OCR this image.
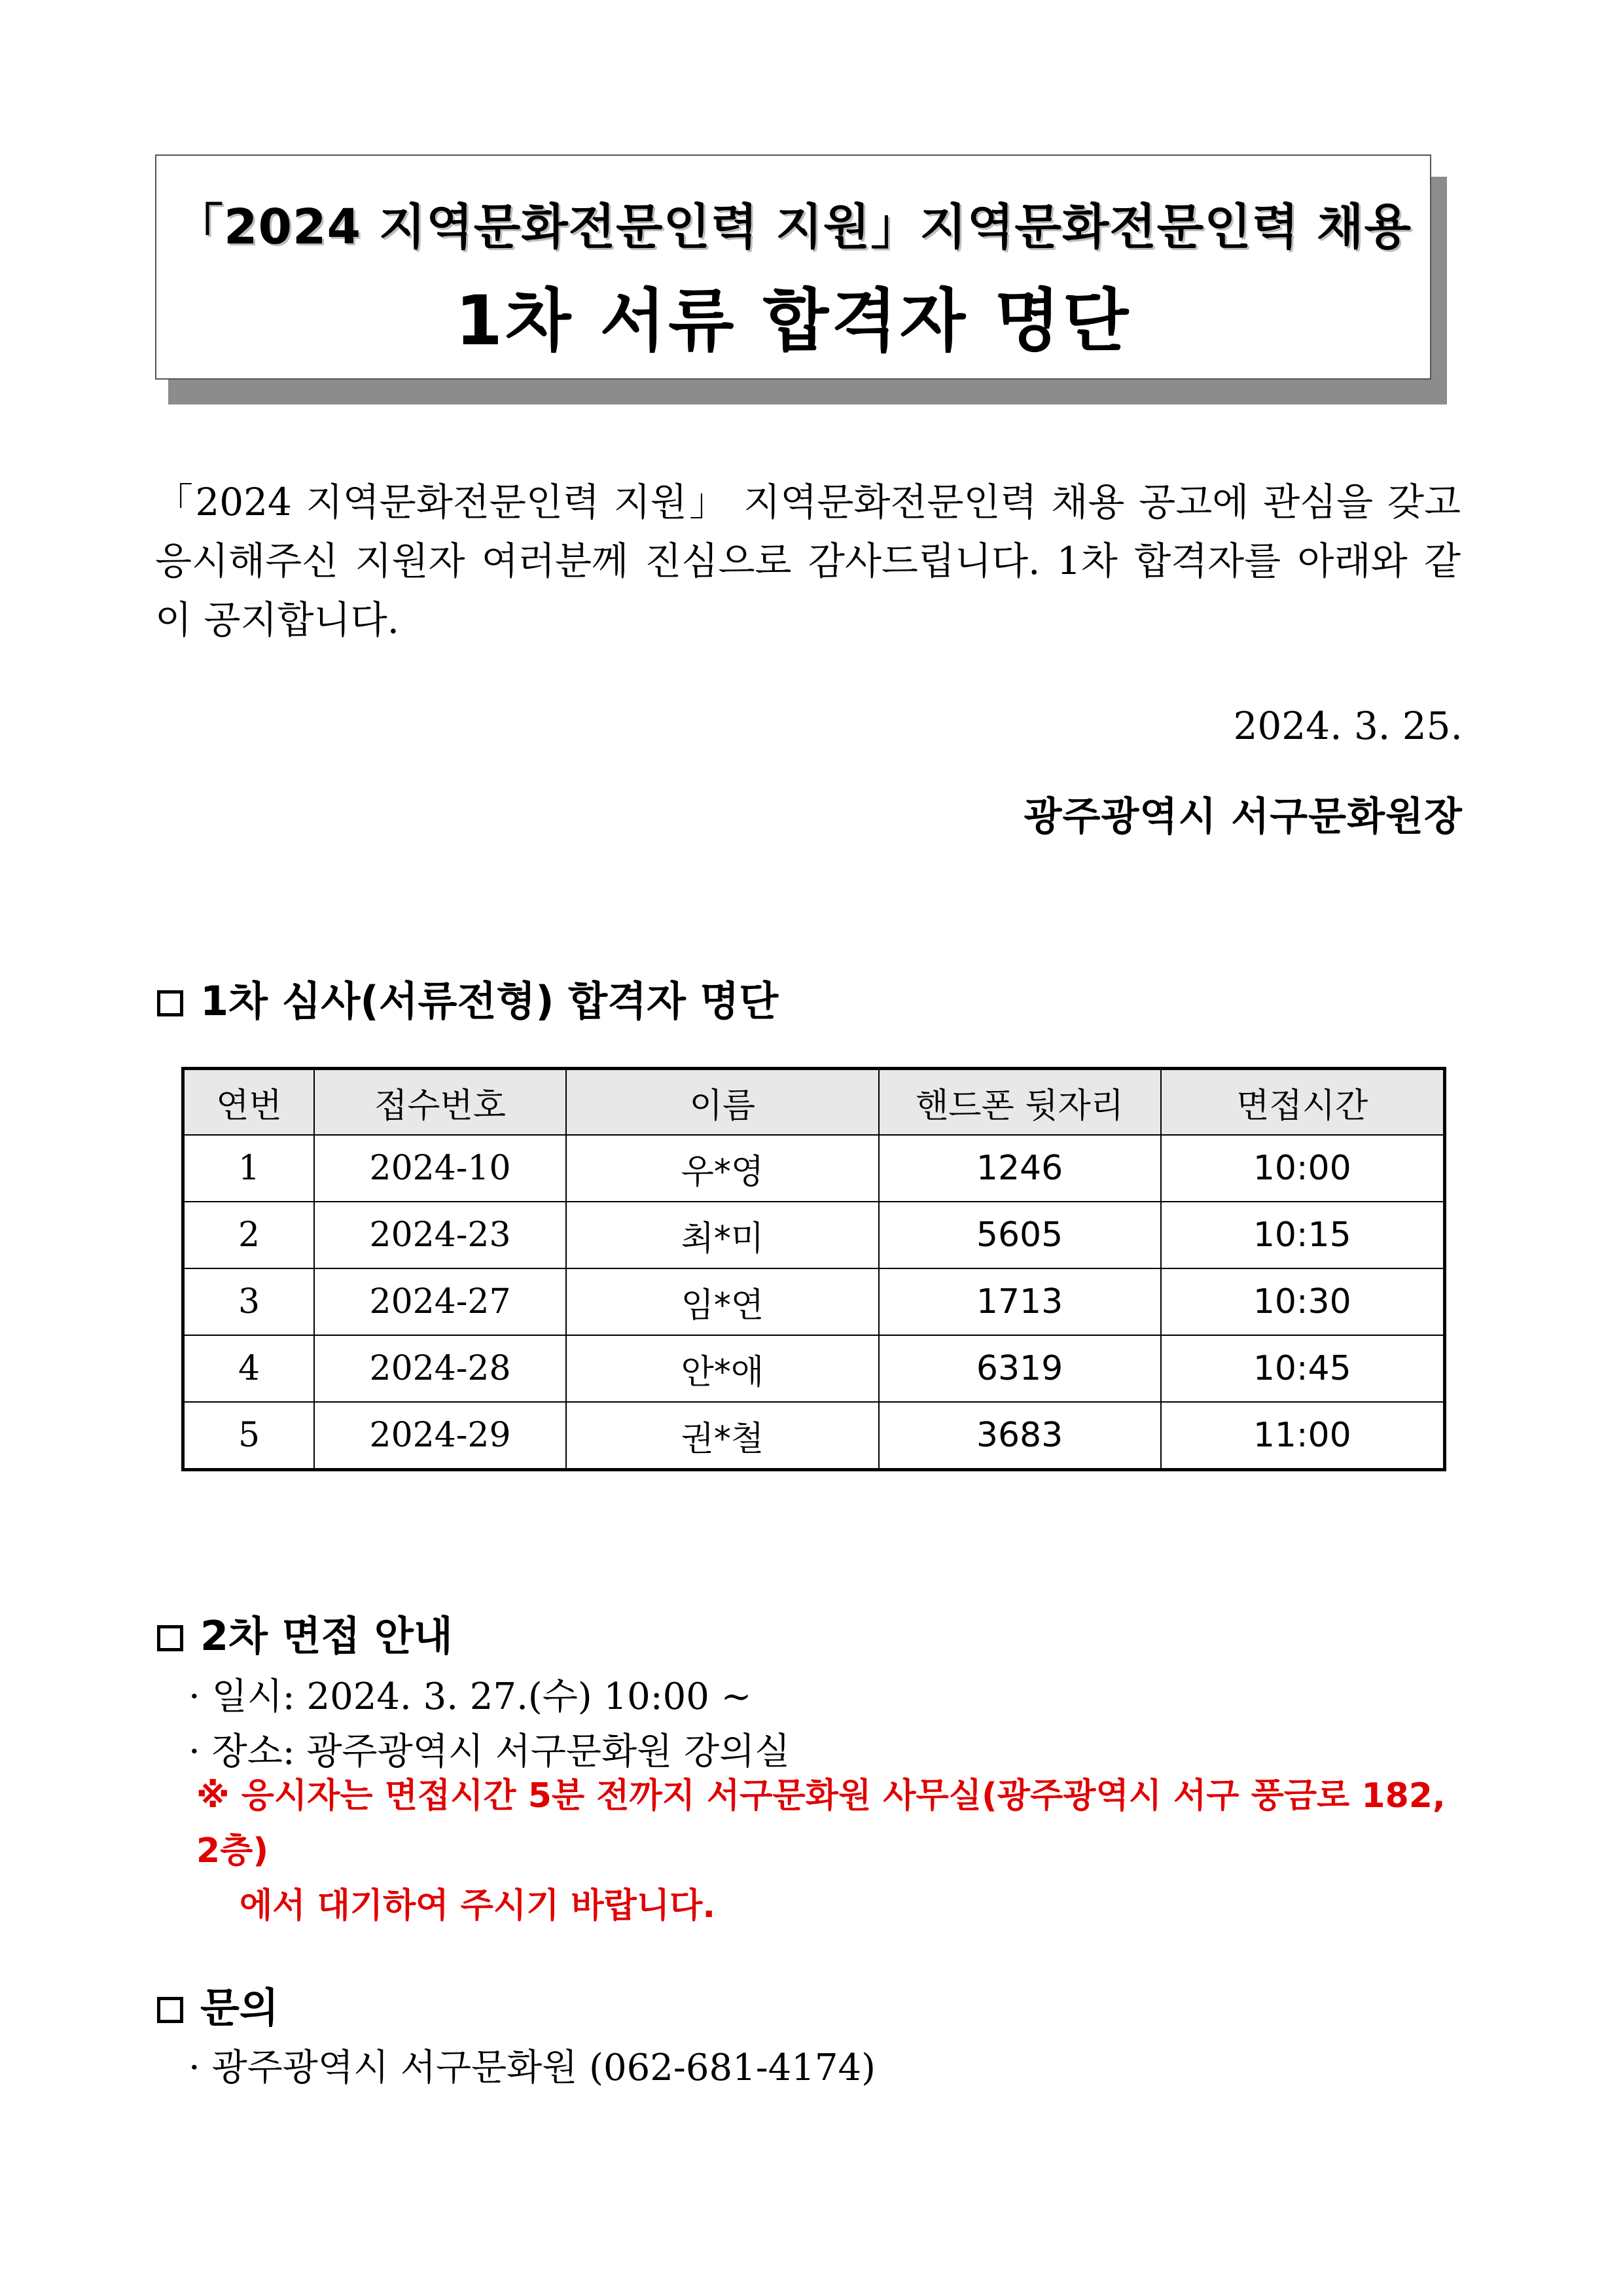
「2024 지역문화전문인력 지원」지역문화전문인력 채용
1차 서류 합격자 명단
「2024 지역문화전문인력 지원」 지역문화전문인력 채용 공고에 관심을 갖고 응시해주신 지원자 여러분께 진심으로 감사드립니다. 1차 합격자를 아래와 같이 공지합니다.
2024. 3. 25.
광주광역시 서구문화원장
1차 심사(서류전형) 합격자 명단
연번	접수번호	이름	핸드폰 뒷자리	면접시간
1	2024-10	우*영	1246	10:00
2	2024-23	최*미	5605	10:15
3	2024-27	임*연	1713	10:30
4	2024-28	안*애	6319	10:45
5	2024-29	권*철	3683	11:00
2차 면접 안내
· 일시: 2024. 3. 27.(수) 10:00 ~
· 장소: 광주광역시 서구문화원 강의실
※ 응시자는 면접시간 5분 전까지 서구문화원 사무실(광주광역시 서구 풍금로 182, 2층)
에서 대기하여 주시기 바랍니다.
문의
· 광주광역시 서구문화원 (062-681-4174)
